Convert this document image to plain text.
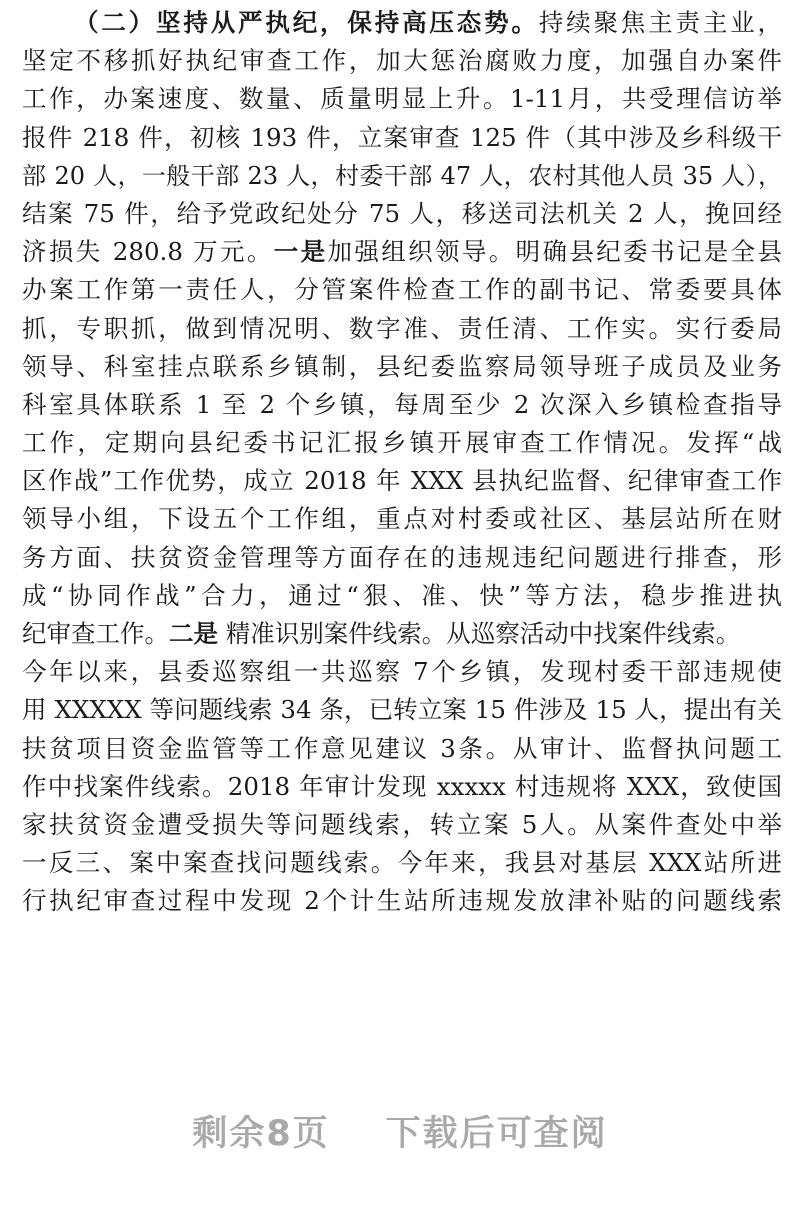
（二）坚持从严执纪，保持高压态势。持续聚焦主责主业，
坚定不移抓好执纪审查工作，加大惩治腐败力度，加强自办案件
工作，办案速度、数量、质量明显上升。1-11月，共受理信访举
报件 218 件，初核 193 件，立案审查 125 件（其中涉及乡科级干
部 20 人，一般干部 23 人，村委干部 47 人，农村其他人员 35 人），
结案 75 件，给予党政纪处分 75 人，移送司法机关 2 人，挽回经
济损失 280.8 万元。一是加强组织领导。明确县纪委书记是全县
办案工作第一责任人，分管案件检查工作的副书记、常委要具体
抓，专职抓，做到情况明、数字准、责任清、工作实。实行委局
领导、科室挂点联系乡镇制，县纪委监察局领导班子成员及业务
科室具体联系 1 至 2 个乡镇，每周至少 2 次深入乡镇检查指导
工作，定期向县纪委书记汇报乡镇开展审查工作情况。发挥“战
区作战”工作优势，成立 2018 年 XXX 县执纪监督、纪律审查工作
领导小组，下设五个工作组，重点对村委或社区、基层站所在财
务方面、扶贫资金管理等方面存在的违规违纪问题进行排查，形
成“协同作战”合力，通过“狠、准、快”等方法，稳步推进执
纪审查工作。二是 精准识别案件线索。从巡察活动中找案件线索。
今年以来，县委巡察组一共巡察 7个乡镇，发现村委干部违规使
用 XXXXX 等问题线索 34 条，已转立案 15 件涉及 15 人，提出有关
扶贫项目资金监管等工作意见建议 3条。从审计、监督执问题工
作中找案件线索。2018 年审计发现 xxxxx 村违规将 XXX，致使国
家扶贫资金遭受损失等问题线索，转立案 5人。从案件查处中举
一反三、案中案查找问题线索。今年来，我县对基层 XXX站所进
行执纪审查过程中发现 2个计生站所违规发放津补贴的问题线索
剩余8页 下载后可查阅
